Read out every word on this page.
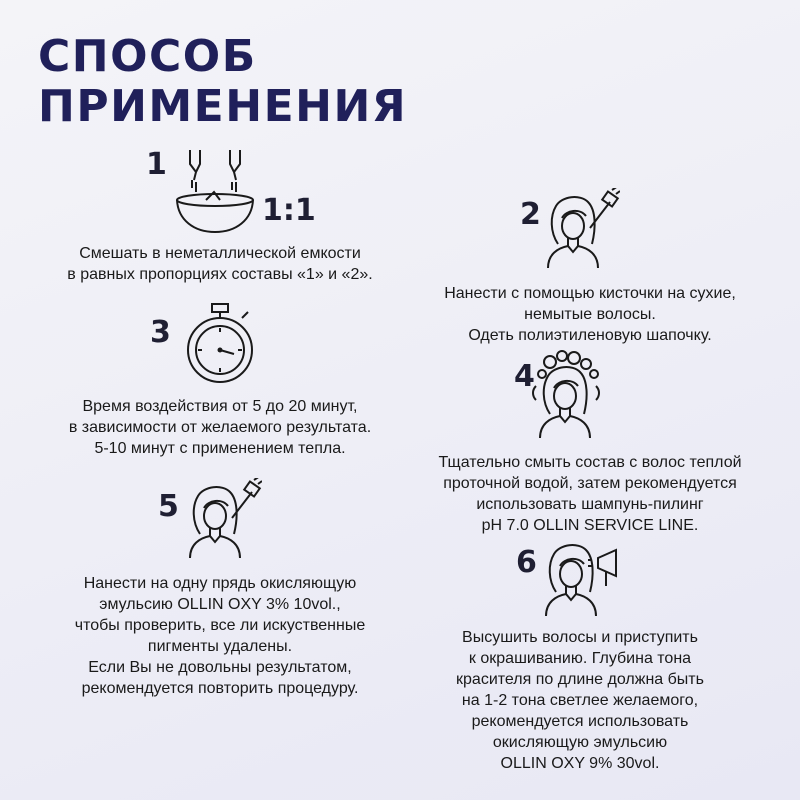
СПОСОБ
ПРИМЕНЕНИЯ
1
1:1

Смешать в неметаллической емкости
в равных пропорциях составы «1» и «2».

2

Нанести с помощью кисточки на сухие,
немытые волосы.
Одеть полиэтиленовую шапочку.

3

Время воздействия от 5 до 20 минут,
в зависимости от желаемого результата.
5-10 минут с применением тепла.

4

Тщательно смыть состав с волос теплой
проточной водой, затем рекомендуется
использовать шампунь-пилинг
pH 7.0 OLLIN SERVICE LINE.

5

Нанести на одну прядь окисляющую
эмульсию OLLIN OXY 3% 10vol.,
чтобы проверить, все ли искуственные
пигменты удалены.
Если Вы не довольны результатом,
рекомендуется повторить процедуру.

6

Высушить волосы и приступить
к окрашиванию. Глубина тона
красителя по длине должна быть
на 1-2 тона светлее желаемого,
рекомендуется использовать
окисляющую эмульсию
OLLIN OXY 9% 30vol.
